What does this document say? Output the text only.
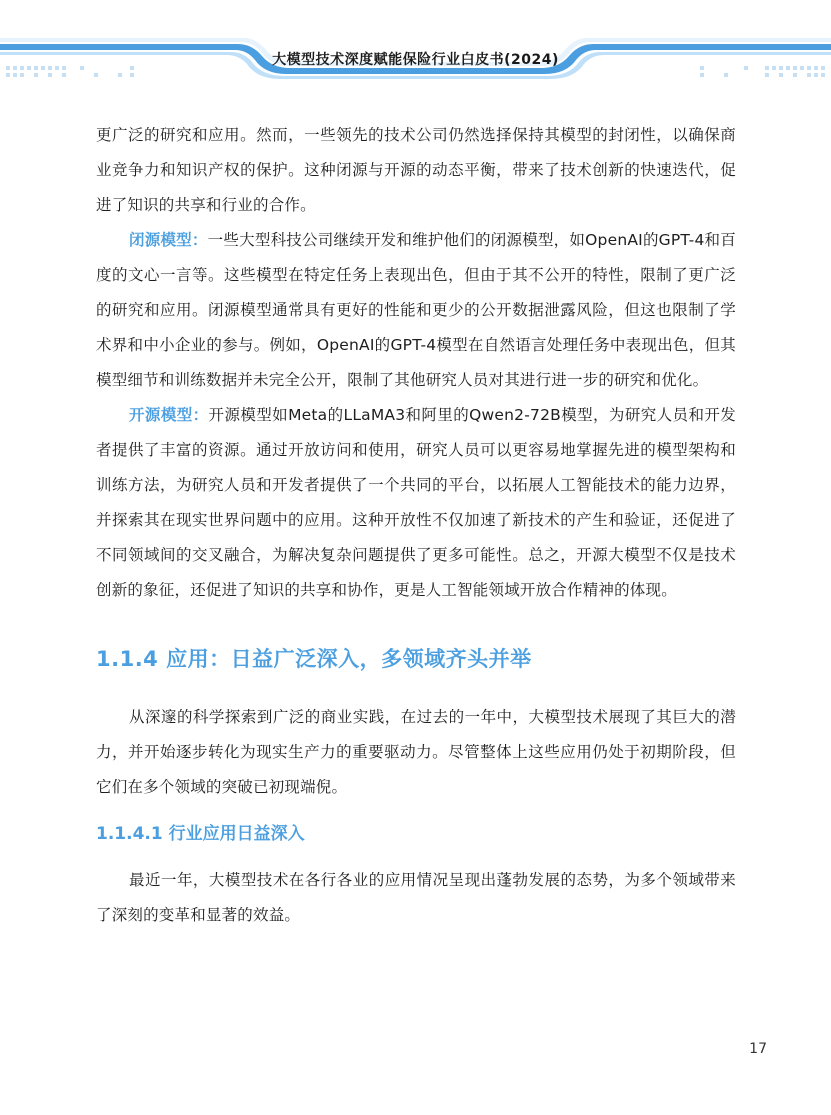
大模型技术深度赋能保险行业白皮书(2024)

更广泛的研究和应用。然而，一些领先的技术公司仍然选择保持其模型的封闭性，以确保商业竞争力和知识产权的保护。这种闭源与开源的动态平衡，带来了技术创新的快速迭代，促进了知识的共享和行业的合作。

闭源模型：一些大型科技公司继续开发和维护他们的闭源模型，如OpenAI的GPT-4和百度的文心一言等。这些模型在特定任务上表现出色，但由于其不公开的特性，限制了更广泛的研究和应用。闭源模型通常具有更好的性能和更少的公开数据泄露风险，但这也限制了学术界和中小企业的参与。例如，OpenAI的GPT-4模型在自然语言处理任务中表现出色，但其模型细节和训练数据并未完全公开，限制了其他研究人员对其进行进一步的研究和优化。

开源模型：开源模型如Meta的LLaMA3和阿里的Qwen2-72B模型，为研究人员和开发者提供了丰富的资源。通过开放访问和使用，研究人员可以更容易地掌握先进的模型架构和训练方法，为研究人员和开发者提供了一个共同的平台，以拓展人工智能技术的能力边界，并探索其在现实世界问题中的应用。这种开放性不仅加速了新技术的产生和验证，还促进了不同领域间的交叉融合，为解决复杂问题提供了更多可能性。总之，开源大模型不仅是技术创新的象征，还促进了知识的共享和协作，更是人工智能领域开放合作精神的体现。

1.1.4 应用：日益广泛深入，多领域齐头并举

从深邃的科学探索到广泛的商业实践，在过去的一年中，大模型技术展现了其巨大的潜力，并开始逐步转化为现实生产力的重要驱动力。尽管整体上这些应用仍处于初期阶段，但它们在多个领域的突破已初现端倪。

1.1.4.1 行业应用日益深入

最近一年，大模型技术在各行各业的应用情况呈现出蓬勃发展的态势，为多个领域带来了深刻的变革和显著的效益。

17
